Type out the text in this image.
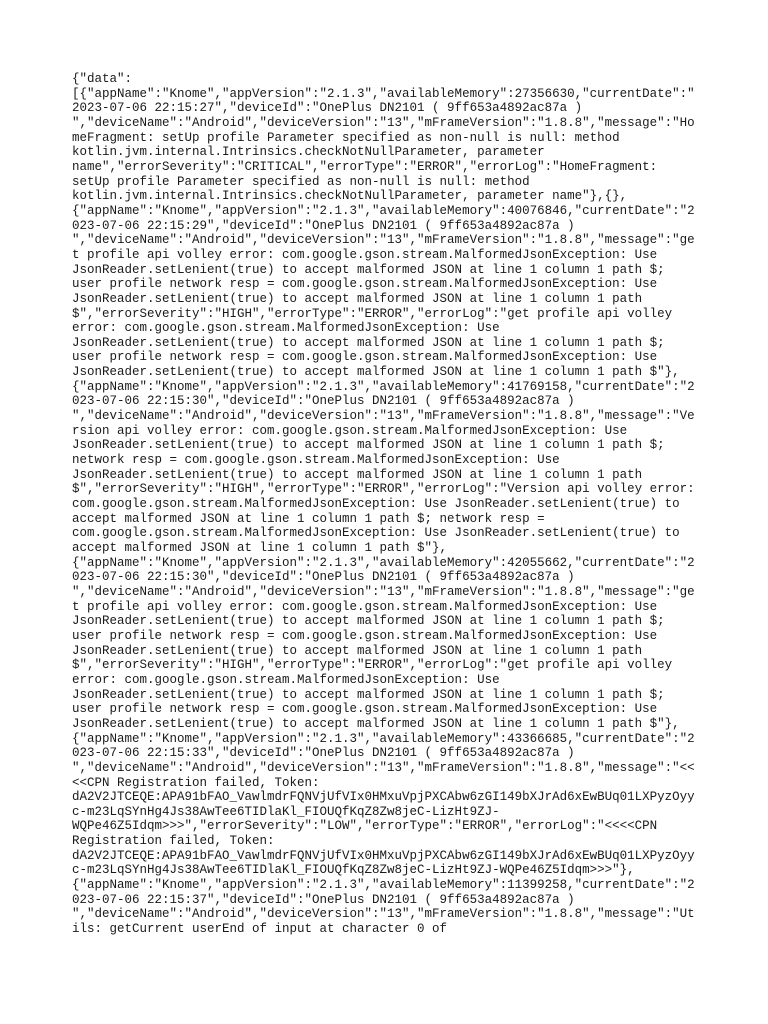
{"data":
[{"appName":"Knome","appVersion":"2.1.3","availableMemory":27356630,"currentDate":"
2023-07-06 22:15:27","deviceId":"OnePlus DN2101 ( 9ff653a4892ac87a )
","deviceName":"Android","deviceVersion":"13","mFrameVersion":"1.8.8","message":"Ho
meFragment: setUp profile Parameter specified as non-null is null: method
kotlin.jvm.internal.Intrinsics.checkNotNullParameter, parameter
name","errorSeverity":"CRITICAL","errorType":"ERROR","errorLog":"HomeFragment:
setUp profile Parameter specified as non-null is null: method
kotlin.jvm.internal.Intrinsics.checkNotNullParameter, parameter name"},{},
{"appName":"Knome","appVersion":"2.1.3","availableMemory":40076846,"currentDate":"2
023-07-06 22:15:29","deviceId":"OnePlus DN2101 ( 9ff653a4892ac87a )
","deviceName":"Android","deviceVersion":"13","mFrameVersion":"1.8.8","message":"ge
t profile api volley error: com.google.gson.stream.MalformedJsonException: Use
JsonReader.setLenient(true) to accept malformed JSON at line 1 column 1 path $;
user profile network resp = com.google.gson.stream.MalformedJsonException: Use
JsonReader.setLenient(true) to accept malformed JSON at line 1 column 1 path
$","errorSeverity":"HIGH","errorType":"ERROR","errorLog":"get profile api volley
error: com.google.gson.stream.MalformedJsonException: Use
JsonReader.setLenient(true) to accept malformed JSON at line 1 column 1 path $;
user profile network resp = com.google.gson.stream.MalformedJsonException: Use
JsonReader.setLenient(true) to accept malformed JSON at line 1 column 1 path $"},
{"appName":"Knome","appVersion":"2.1.3","availableMemory":41769158,"currentDate":"2
023-07-06 22:15:30","deviceId":"OnePlus DN2101 ( 9ff653a4892ac87a )
","deviceName":"Android","deviceVersion":"13","mFrameVersion":"1.8.8","message":"Ve
rsion api volley error: com.google.gson.stream.MalformedJsonException: Use
JsonReader.setLenient(true) to accept malformed JSON at line 1 column 1 path $;
network resp = com.google.gson.stream.MalformedJsonException: Use
JsonReader.setLenient(true) to accept malformed JSON at line 1 column 1 path
$","errorSeverity":"HIGH","errorType":"ERROR","errorLog":"Version api volley error:
com.google.gson.stream.MalformedJsonException: Use JsonReader.setLenient(true) to
accept malformed JSON at line 1 column 1 path $; network resp =
com.google.gson.stream.MalformedJsonException: Use JsonReader.setLenient(true) to
accept malformed JSON at line 1 column 1 path $"},
{"appName":"Knome","appVersion":"2.1.3","availableMemory":42055662,"currentDate":"2
023-07-06 22:15:30","deviceId":"OnePlus DN2101 ( 9ff653a4892ac87a )
","deviceName":"Android","deviceVersion":"13","mFrameVersion":"1.8.8","message":"ge
t profile api volley error: com.google.gson.stream.MalformedJsonException: Use
JsonReader.setLenient(true) to accept malformed JSON at line 1 column 1 path $;
user profile network resp = com.google.gson.stream.MalformedJsonException: Use
JsonReader.setLenient(true) to accept malformed JSON at line 1 column 1 path
$","errorSeverity":"HIGH","errorType":"ERROR","errorLog":"get profile api volley
error: com.google.gson.stream.MalformedJsonException: Use
JsonReader.setLenient(true) to accept malformed JSON at line 1 column 1 path $;
user profile network resp = com.google.gson.stream.MalformedJsonException: Use
JsonReader.setLenient(true) to accept malformed JSON at line 1 column 1 path $"},
{"appName":"Knome","appVersion":"2.1.3","availableMemory":43366685,"currentDate":"2
023-07-06 22:15:33","deviceId":"OnePlus DN2101 ( 9ff653a4892ac87a )
","deviceName":"Android","deviceVersion":"13","mFrameVersion":"1.8.8","message":"<<
<<CPN Registration failed, Token:
dA2V2JTCEQE:APA91bFAO_VawlmdrFQNVjUfVIx0HMxuVpjPXCAbw6zGI149bXJrAd6xEwBUq01LXPyzOyy
c-m23LqSYnHg4Js38AwTee6TIDlaKl_FIOUQfKqZ8Zw8jeC-LizHt9ZJ-
WQPe46Z5Idqm>>>","errorSeverity":"LOW","errorType":"ERROR","errorLog":"<<<<CPN
Registration failed, Token:
dA2V2JTCEQE:APA91bFAO_VawlmdrFQNVjUfVIx0HMxuVpjPXCAbw6zGI149bXJrAd6xEwBUq01LXPyzOyy
c-m23LqSYnHg4Js38AwTee6TIDlaKl_FIOUQfKqZ8Zw8jeC-LizHt9ZJ-WQPe46Z5Idqm>>>"},
{"appName":"Knome","appVersion":"2.1.3","availableMemory":11399258,"currentDate":"2
023-07-06 22:15:37","deviceId":"OnePlus DN2101 ( 9ff653a4892ac87a )
","deviceName":"Android","deviceVersion":"13","mFrameVersion":"1.8.8","message":"Ut
ils: getCurrent userEnd of input at character 0 of
